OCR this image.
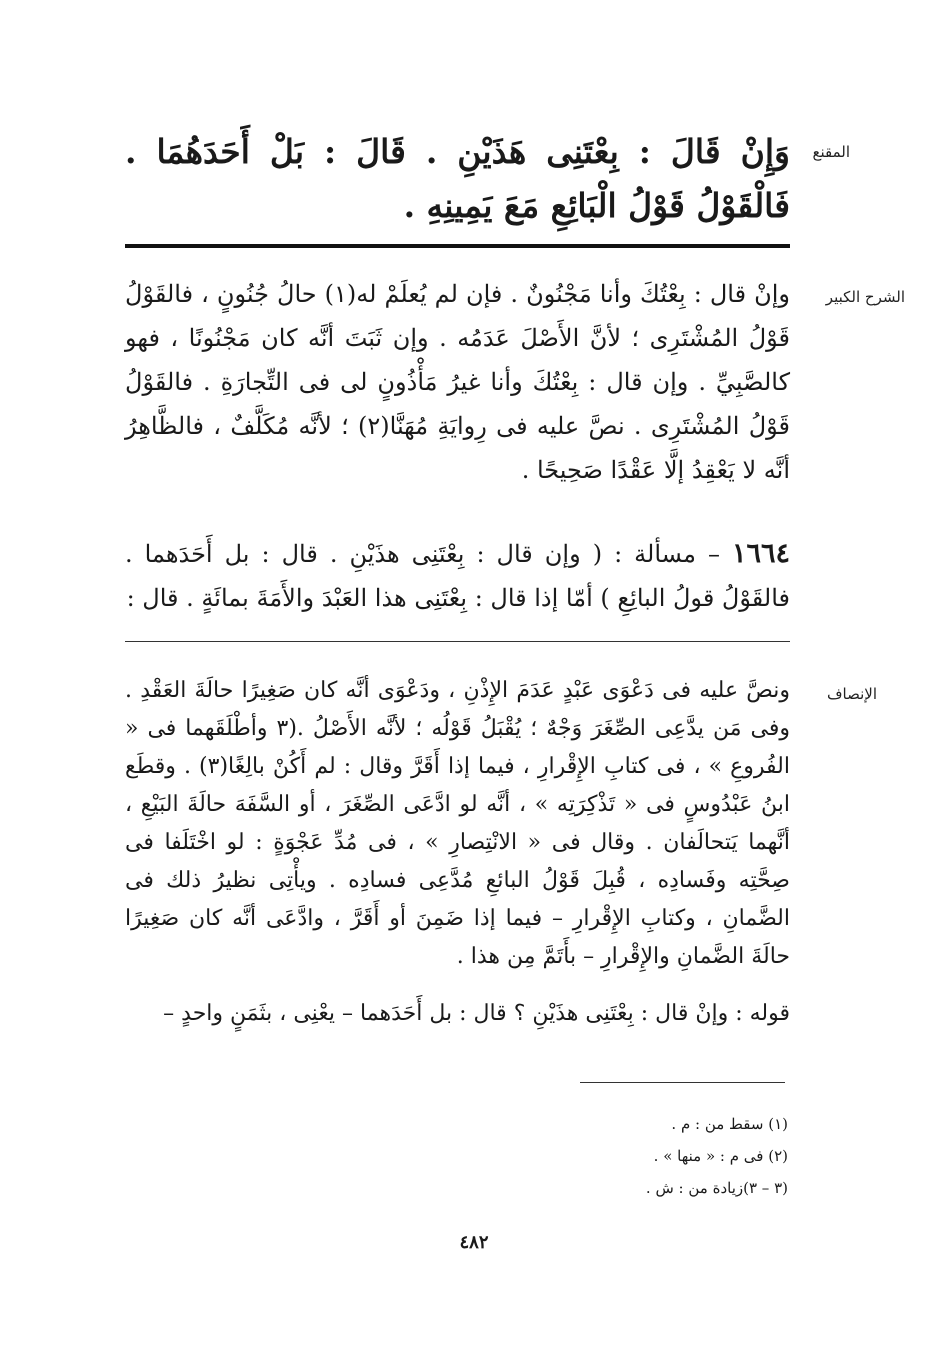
المقنع
الشرح الكبير
الإنصاف

وَإِنْ قَالَ : بِعْتَنِى هَذَيْنِ . قَالَ : بَلْ أَحَدَهُمَا . فَالْقَوْلُ قَوْلُ الْبَائِعِ مَعَ يَمِينِهِ .

وإنْ قال : بِعْتُكَ وأنا مَجْنُونٌ . فإن لم يُعلَمْ له(١) حالُ جُنُونٍ ، فالقَوْلُ قَوْلُ المُشْتَرِى ؛ لأنَّ الأَصْلَ عَدَمُه . وإن ثَبَتَ أنَّه كان مَجْنُونًا ، فهو كالصَّبِيِّ . وإن قال : بِعْتُكَ وأنا غيرُ مَأْذُونٍ لى فى التِّجارَةِ . فالقَوْلُ قَوْلُ المُشْتَرِى . نصَّ عليه فى رِوايَةِ مُهَنَّا(٢) ؛ لأنَّه مُكَلَّفٌ ، فالظَّاهِرُ أنَّه لا يَعْقِدُ إلَّا عَقْدًا صَحِيحًا .

١٦٦٤ – مسألة : ( وإن قال : بِعْتَنِى هذَيْنِ . قال : بل أَحَدَهما . فالقَوْلُ قولُ البائِعِ ) أمّا إذا قال : بِعْتَنِى هذا العَبْدَ والأَمَةَ بمائَةٍ . قال :

ونصَّ عليه فى دَعْوَى عَبْدٍ عَدَمَ الإِذْنِ ، ودَعْوَى أنَّه كان صَغِيرًا حالَةَ العَقْدِ . وفى مَن يدَّعِى الصِّغَرَ وَجْهٌ ؛ يُقْبَلُ قَوْلُه ؛ لأنَّه الأَصْلُ .(٣ وأطْلَقَهما فى « الفُروعِ » ، فى كتابِ الإِقْرارِ ، فيما إذا أَقَرَّ وقال : لم أَكُنْ بالِغًا(٣) . وقطَع ابنُ عَبْدُوسٍ فى « تَذْكِرَتِه » ، أنَّه لو ادَّعَى الصِّغَرَ ، أو السَّفَهَ حالَةَ البَيْعِ ، أنَّهما يَتحالَفان . وقال فى « الانْتِصارِ » ، فى مُدِّ عَجْوَةٍ : لو اخْتَلَفا فى صِحَّتِه وفَسادِه ، قُبِلَ قَوْلُ البائعِ مُدَّعِى فسادِه . ويأْتِى نظيرُ ذلك فى الضَّمانِ ، وكتابِ الإِقْرارِ – فيما إذا ضَمِنَ أو أَقَرَّ ، وادَّعَى أنَّه كان صَغِيرًا حالَةَ الضَّمانِ والإِقْرارِ – بأَتَمَّ مِن هذا .

قوله : وإنْ قال : بِعْتَنِى هذَيْنِ ؟ قال : بل أَحَدَهما – يعْنِى ، بثَمَنٍ واحدٍ –

(١) سقط من : م .

(٢) فى م : « منها » .

(٣ – ٣)زيادة من : ش .

٤٨٢
